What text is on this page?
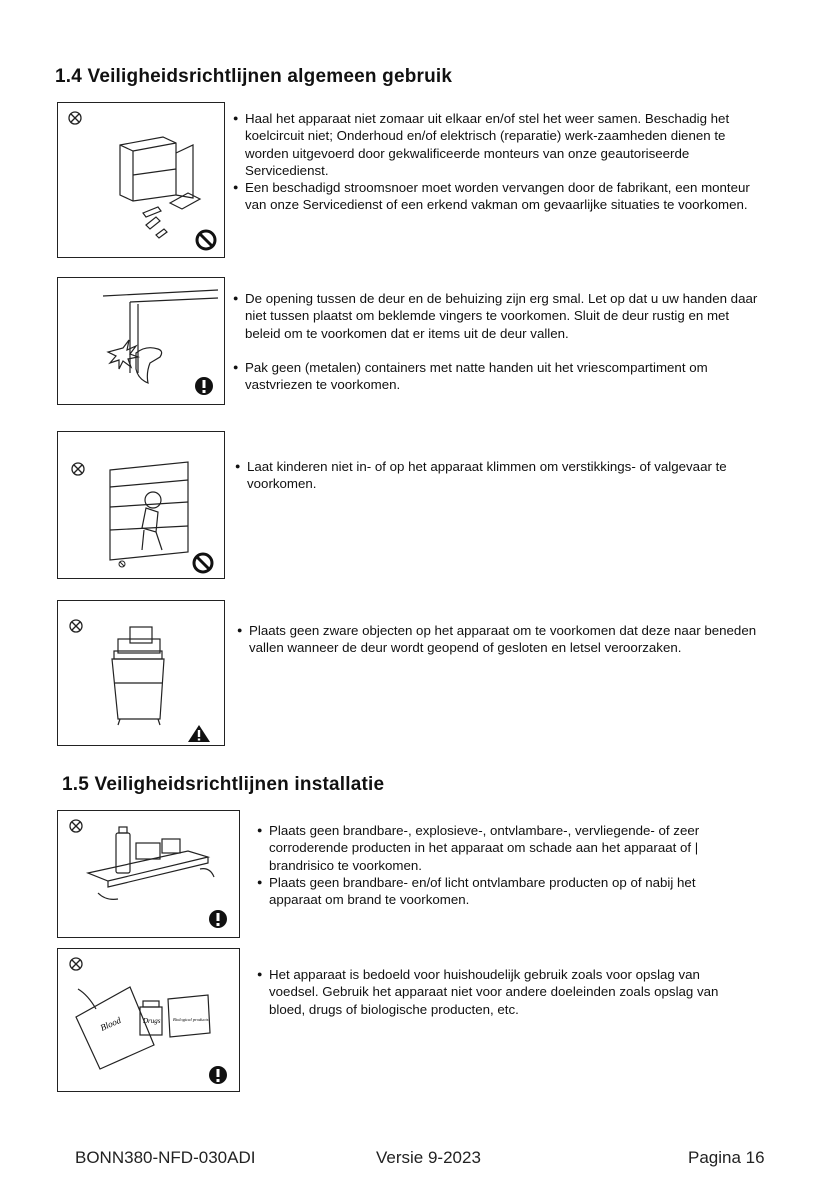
1.4 Veiligheidsrichtlijnen algemeen gebruik
● Haal het apparaat niet zomaar uit elkaar en/of stel het weer samen. Beschadig het koelcircuit niet; Onderhoud en/of elektrisch (reparatie) werk-zaamheden dienen te worden uitgevoerd door gekwalificeerde monteurs van onze geautoriseerde Servicedienst.
● Een beschadigd stroomsnoer moet worden vervangen door de fabrikant, een monteur van onze Servicedienst of een erkend vakman om gevaarlijke situaties te voorkomen.
● De opening tussen de deur en de behuizing zijn erg smal. Let op dat u uw handen daar niet tussen plaatst om beklemde vingers te voorkomen. Sluit de deur rustig en met beleid om te voorkomen dat er items uit de deur vallen.
● Pak geen (metalen) containers met natte handen uit het vriescompartiment om vastvriezen te voorkomen.
● Laat kinderen niet in- of op het apparaat klimmen om verstikkings- of valgevaar te voorkomen.
● Plaats geen zware objecten op het apparaat om te voorkomen dat deze naar beneden vallen wanneer de deur wordt geopend of gesloten en letsel veroorzaken.
1.5 Veiligheidsrichtlijnen installatie
● Plaats geen brandbare-, explosieve-, ontvlambare-, vervliegende- of zeer corroderende producten in het apparaat om schade aan het apparaat of | brandrisico te voorkomen.
● Plaats geen brandbare- en/of licht ontvlambare producten op of nabij het apparaat om brand te voorkomen.
Blood	Drugs	Biological products
● Het apparaat is bedoeld voor huishoudelijk gebruik zoals voor opslag van voedsel. Gebruik het apparaat niet voor andere doeleinden zoals opslag van bloed, drugs of biologische producten, etc.
BONN380-NFD-030ADI	Versie 9-2023	Pagina 16
